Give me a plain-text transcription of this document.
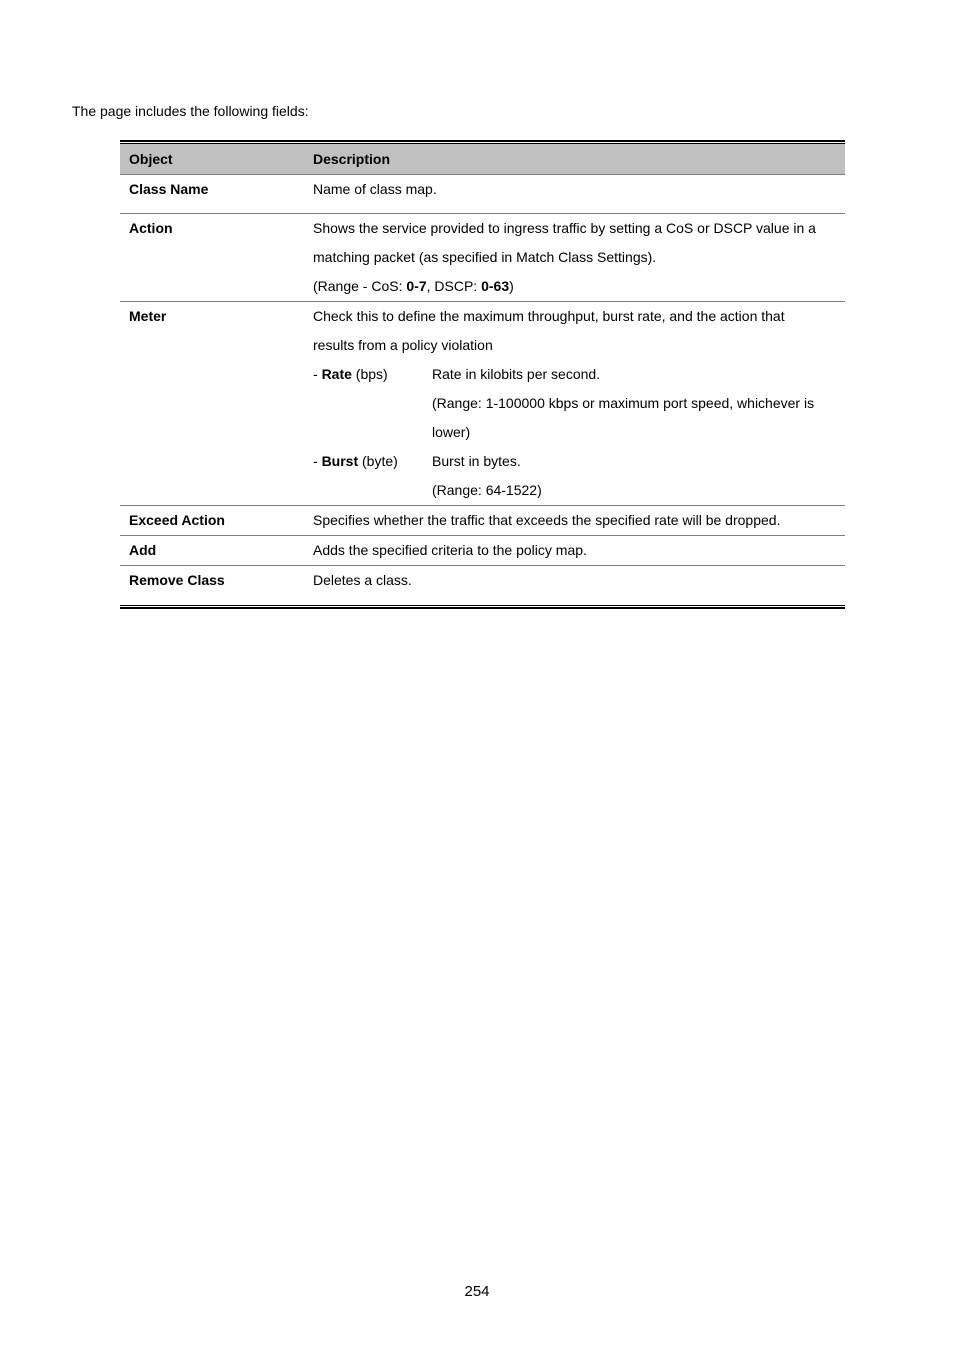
The page includes the following fields:
Object	Description
Class Name	Name of class map.
Action	Shows the service provided to ingress traffic by setting a CoS or DSCP value in a
matching packet (as specified in Match Class Settings).
(Range - CoS: 0-7, DSCP: 0-63)
Meter	Check this to define the maximum throughput, burst rate, and the action that
results from a policy violation
- Rate (bps)	Rate in kilobits per second.
(Range: 1-100000 kbps or maximum port speed, whichever is
lower)
- Burst (byte)	Burst in bytes.
(Range: 64-1522)
Exceed Action	Specifies whether the traffic that exceeds the specified rate will be dropped.
Add	Adds the specified criteria to the policy map.
Remove Class	Deletes a class.
254
